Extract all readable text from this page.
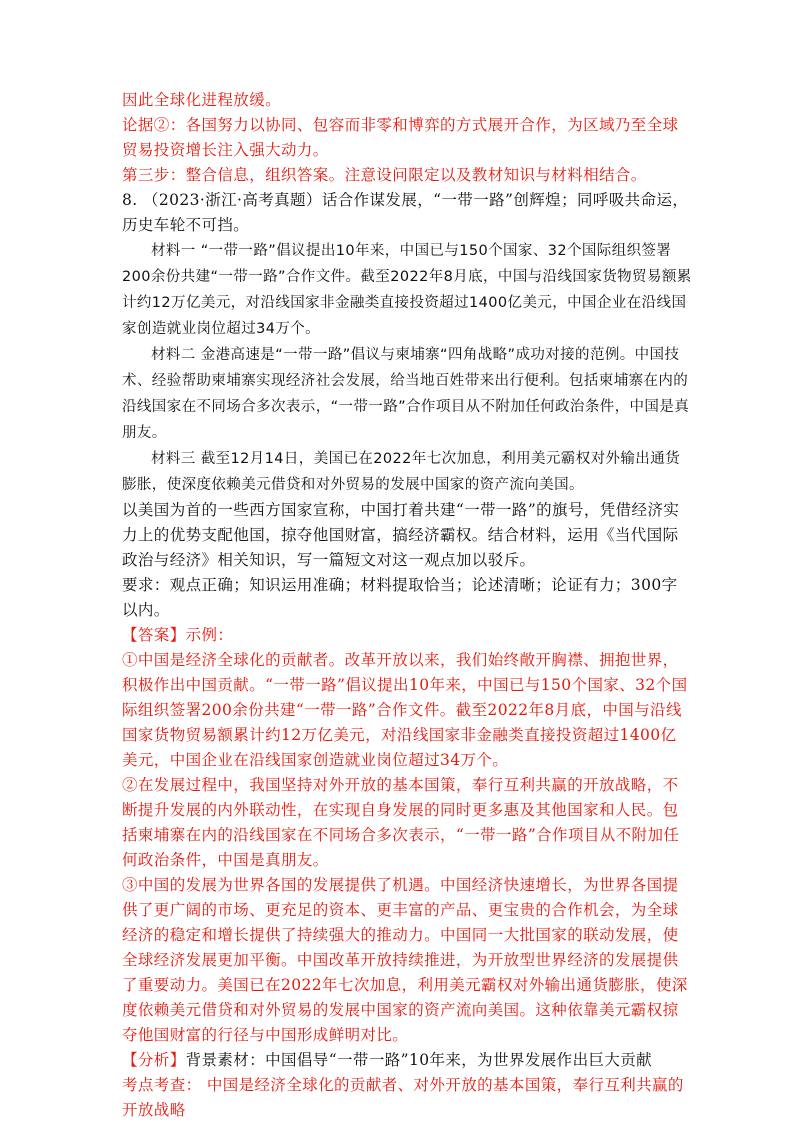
因此全球化进程放缓。

论据②：各国努力以协同、包容而非零和博弈的方式展开合作，为区域乃至全球贸易投资增长注入强大动力。

第三步：整合信息，组织答案。注意设问限定以及教材知识与材料相结合。

8. （2023·浙江·高考真题）话合作谋发展，“一带一路”创辉煌；同呼吸共命运，历史车轮不可挡。

材料一 “一带一路”倡议提出10年来，中国已与150个国家、32个国际组织签署200余份共建“一带一路”合作文件。截至2022年8月底，中国与沿线国家货物贸易额累计约12万亿美元，对沿线国家非金融类直接投资超过1400亿美元，中国企业在沿线国家创造就业岗位超过34万个。

材料二 金港高速是“一带一路”倡议与柬埔寨“四角战略”成功对接的范例。中国技术、经验帮助柬埔寨实现经济社会发展，给当地百姓带来出行便利。包括柬埔寨在内的沿线国家在不同场合多次表示，“一带一路”合作项目从不附加任何政治条件，中国是真朋友。

材料三 截至12月14日，美国已在2022年七次加息，利用美元霸权对外输出通货膨胀，使深度依赖美元借贷和对外贸易的发展中国家的资产流向美国。

以美国为首的一些西方国家宣称，中国打着共建“一带一路”的旗号，凭借经济实力上的优势支配他国，掠夺他国财富，搞经济霸权。结合材料，运用《当代国际政治与经济》相关知识，写一篇短文对这一观点加以驳斥。

要求：观点正确；知识运用准确；材料提取恰当；论述清晰；论证有力；300字以内。

【答案】示例：

①中国是经济全球化的贡献者。改革开放以来，我们始终敞开胸襟、拥抱世界，积极作出中国贡献。“一带一路”倡议提出10年来，中国已与150个国家、32个国际组织签署200余份共建“一带一路”合作文件。截至2022年8月底，中国与沿线国家货物贸易额累计约12万亿美元，对沿线国家非金融类直接投资超过1400亿美元，中国企业在沿线国家创造就业岗位超过34万个。

②在发展过程中，我国坚持对外开放的基本国策，奉行互利共赢的开放战略，不断提升发展的内外联动性，在实现自身发展的同时更多惠及其他国家和人民。包括柬埔寨在内的沿线国家在不同场合多次表示，“一带一路”合作项目从不附加任何政治条件，中国是真朋友。

③中国的发展为世界各国的发展提供了机遇。中国经济快速增长，为世界各国提供了更广阔的市场、更充足的资本、更丰富的产品、更宝贵的合作机会，为全球经济的稳定和增长提供了持续强大的推动力。中国同一大批国家的联动发展，使全球经济发展更加平衡。中国改革开放持续推进，为开放型世界经济的发展提供了重要动力。美国已在2022年七次加息，利用美元霸权对外输出通货膨胀，使深度依赖美元借贷和对外贸易的发展中国家的资产流向美国。这种依靠美元霸权掠夺他国财富的行径与中国形成鲜明对比。

【分析】背景素材：中国倡导“一带一路”10年来，为世界发展作出巨大贡献

考点考查： 中国是经济全球化的贡献者、对外开放的基本国策，奉行互利共赢的开放战略
